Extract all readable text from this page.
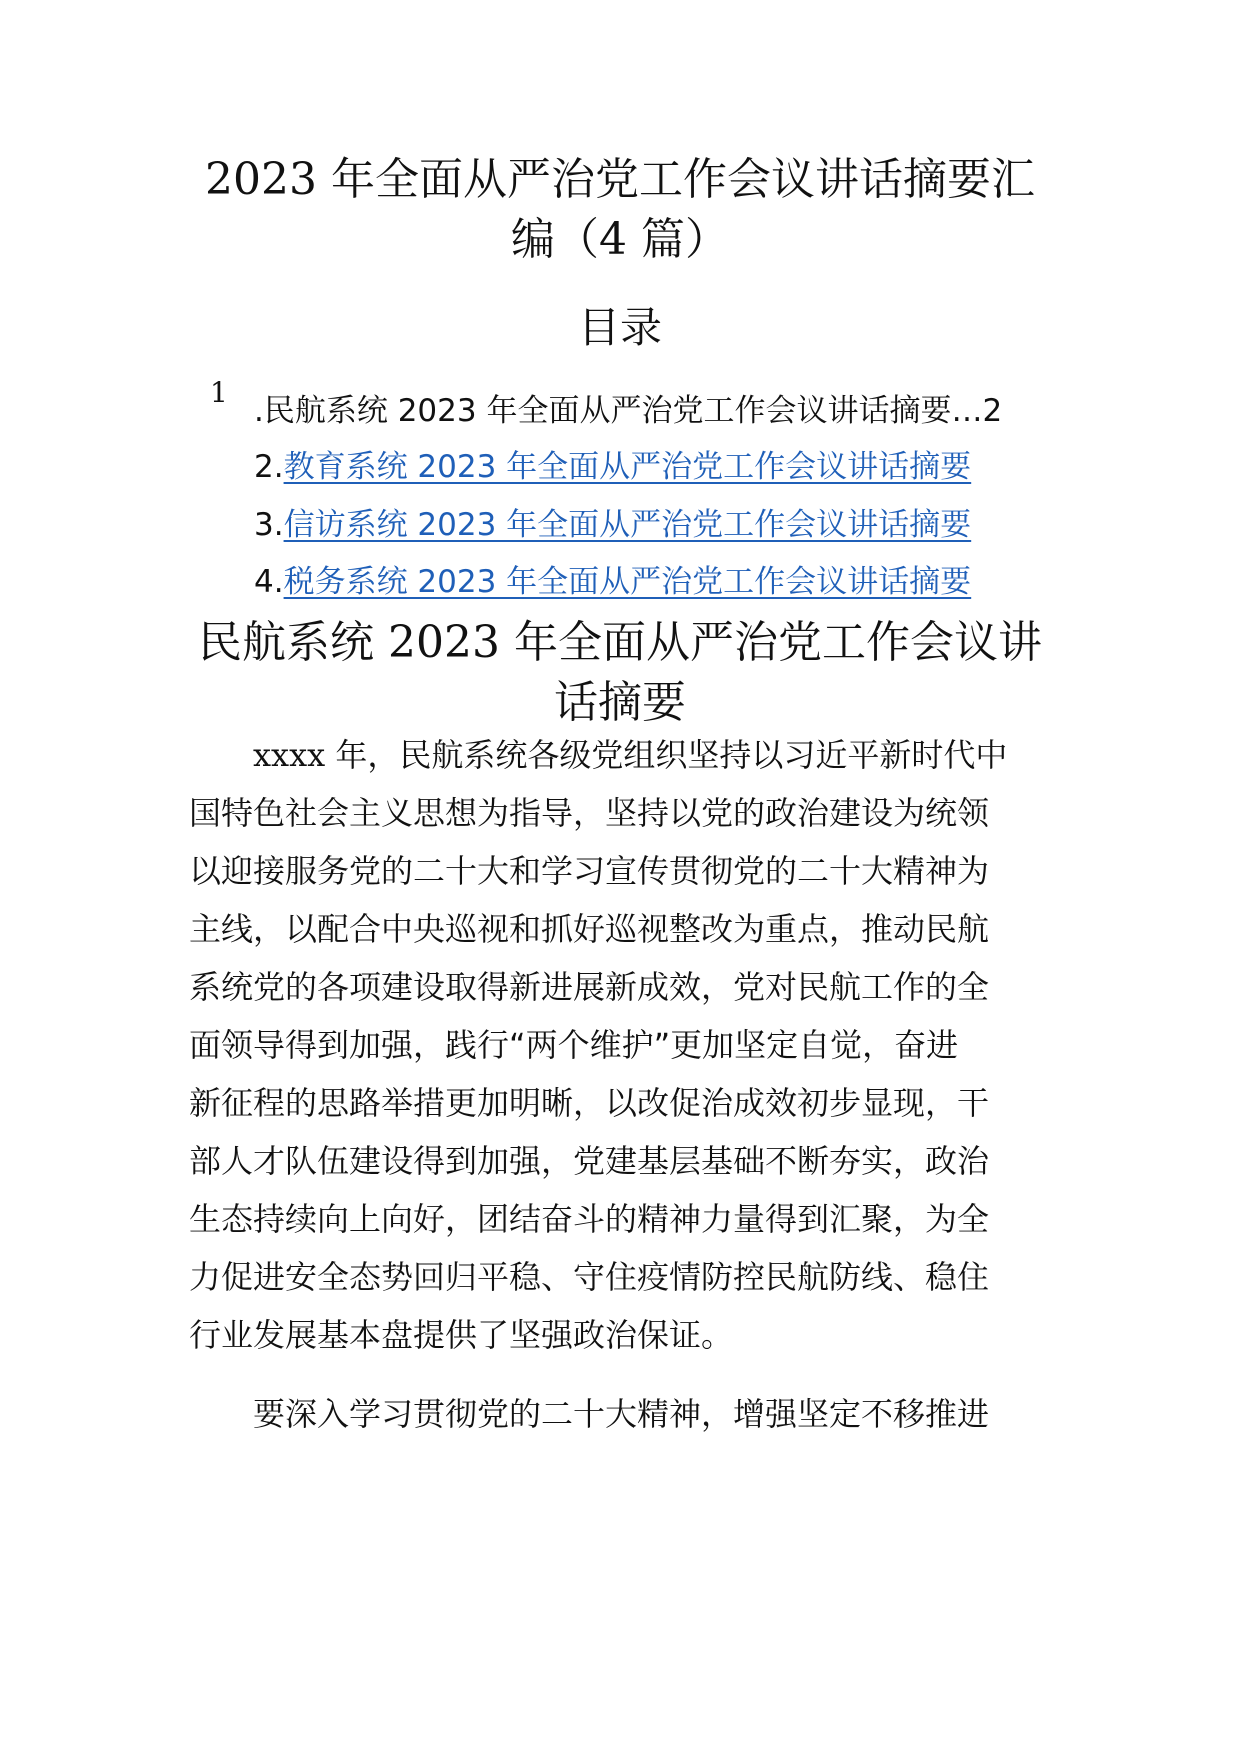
2023 年全面从严治党工作会议讲话摘要汇
编（4 篇）
目录
1
.民航系统 2023 年全面从严治党工作会议讲话摘要…2
2.教育系统 2023 年全面从严治党工作会议讲话摘要
3.信访系统 2023 年全面从严治党工作会议讲话摘要
4.税务系统 2023 年全面从严治党工作会议讲话摘要
民航系统 2023 年全面从严治党工作会议讲
话摘要
xxxx 年，民航系统各级党组织坚持以习近平新时代中
国特色社会主义思想为指导，坚持以党的政治建设为统领
以迎接服务党的二十大和学习宣传贯彻党的二十大精神为
主线，以配合中央巡视和抓好巡视整改为重点，推动民航
系统党的各项建设取得新进展新成效，党对民航工作的全
面领导得到加强，践行“两个维护”更加坚定自觉，奋进
新征程的思路举措更加明晰，以改促治成效初步显现，干
部人才队伍建设得到加强，党建基层基础不断夯实，政治
生态持续向上向好，团结奋斗的精神力量得到汇聚，为全
力促进安全态势回归平稳、守住疫情防控民航防线、稳住
行业发展基本盘提供了坚强政治保证。
要深入学习贯彻党的二十大精神，增强坚定不移推进
